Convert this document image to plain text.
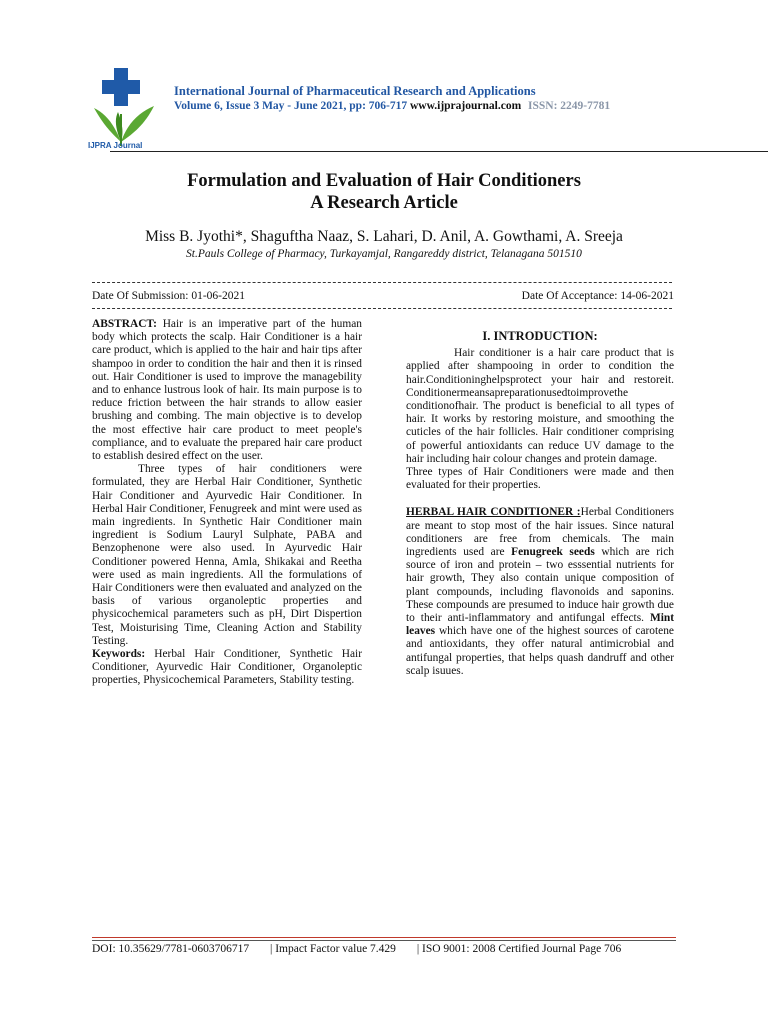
IJPRA Journal
International Journal of Pharmaceutical Research and Applications
Volume 6, Issue 3 May - June 2021, pp: 706-717 www.ijprajournal.com ISSN: 2249-7781
Formulation and Evaluation of Hair Conditioners
A Research Article
Miss B. Jyothi*, Shaguftha Naaz, S. Lahari, D. Anil, A. Gowthami, A. Sreeja
St.Pauls College of Pharmacy, Turkayamjal, Rangareddy district, Telanagana 501510
Date Of Submission: 01-06-2021	Date Of Acceptance: 14-06-2021

ABSTRACT: Hair is an imperative part of the human body which protects the scalp. Hair Conditioner is a hair care product, which is applied to the hair and hair tips after shampoo in order to condition the hair and then it is rinsed out. Hair Conditioner is used to improve the managebility and to enhance lustrous look of hair. Its main purpose is to reduce friction between the hair strands to allow easier brushing and combing. The main objective is to develop the most effective hair care product to meet people's compliance, and to evaluate the prepared hair care product to establish desired effect on the user.

Three types of hair conditioners were formulated, they are Herbal Hair Conditioner, Synthetic Hair Conditioner and Ayurvedic Hair Conditioner. In Herbal Hair Conditioner, Fenugreek and mint were used as main ingredients. In Synthetic Hair Conditioner main ingredient is Sodium Lauryl Sulphate, PABA and Benzophenone were also used. In Ayurvedic Hair Conditioner powered Henna, Amla, Shikakai and Reetha were used as main ingredients. All the formulations of Hair Conditioners were then evaluated and analyzed on the basis of various organoleptic properties and physicochemical parameters such as pH, Dirt Dispertion Test, Moisturising Time, Cleaning Action and Stability Testing.

Keywords: Herbal Hair Conditioner, Synthetic Hair Conditioner, Ayurvedic Hair Conditioner, Organoleptic properties, Physicochemical Parameters, Stability testing.

I. INTRODUCTION:

Hair conditioner is a hair care product that is applied after shampooing in order to condition the hair.Conditioninghelpsprotect your hair and restoreit. Conditionermeansapreparationusedtoimprovethe conditionofhair. The product is beneficial to all types of hair. It works by restoring moisture, and smoothing the cuticles of the hair follicles. Hair conditioner comprising of powerful antioxidants can reduce UV damage to the hair including hair colour changes and protein damage.

Three types of Hair Conditioners were made and then evaluated for their properties.

HERBAL HAIR CONDITIONER :Herbal Conditioners are meant to stop most of the hair issues. Since natural conditioners are free from chemicals. The main ingredients used are Fenugreek seeds which are rich source of iron and protein – two esssential nutrients for hair growth, They also contain unique composition of plant compounds, including flavonoids and saponins. These compounds are presumed to induce hair growth due to their anti-inflammatory and antifungal effects. Mint leaves which have one of the highest sources of carotene and antioxidants, they offer natural antimicrobial and antifungal properties, that helps quash dandruff and other scalp isuues.

DOI: 10.35629/7781-0603706717 | Impact Factor value 7.429 | ISO 9001: 2008 Certified Journal Page 706
